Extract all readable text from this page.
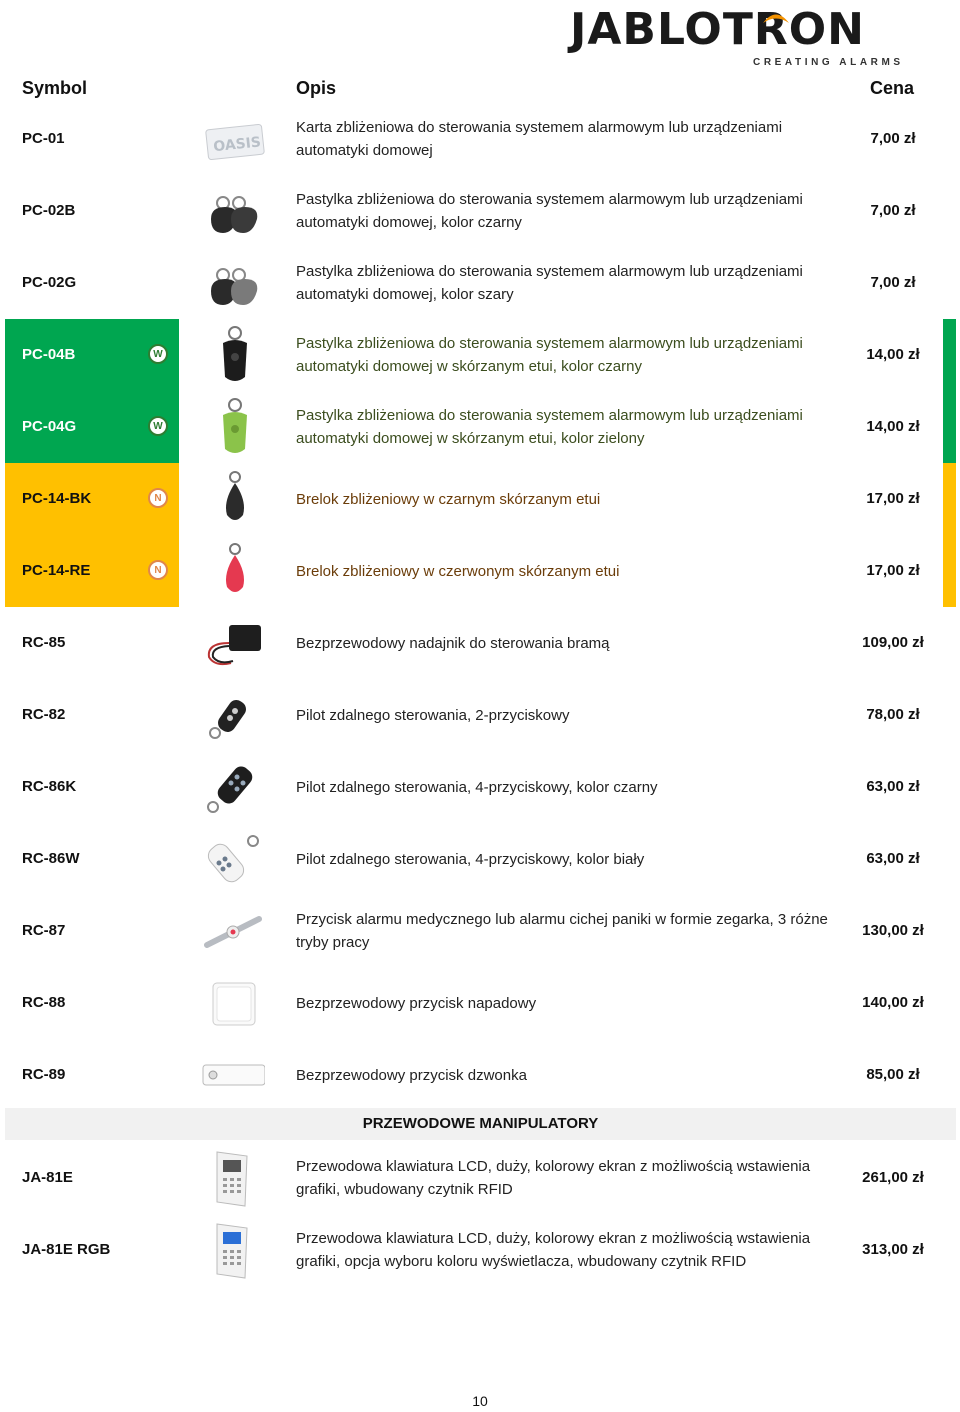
JABLOTRON
CREATING ALARMS
Symbol	Opis	Cena
PC-01	OASIS
Karta zbliżeniowa do sterowania systemem alarmowym lub urządzeniami automatyki domowej
7,00 zł
PC-02B
Pastylka zbliżeniowa do sterowania systemem alarmowym lub urządzeniami automatyki domowej, kolor czarny
7,00 zł
PC-02G
Pastylka zbliżeniowa do sterowania systemem alarmowym lub urządzeniami automatyki domowej, kolor szary
7,00 zł
PC-04B	W
Pastylka zbliżeniowa do sterowania systemem alarmowym lub urządzeniami automatyki domowej w skórzanym etui, kolor czarny
14,00 zł
PC-04G	W
Pastylka zbliżeniowa do sterowania systemem alarmowym lub urządzeniami automatyki domowej w skórzanym etui, kolor zielony
14,00 zł
PC-14-BK	N	Brelok zbliżeniowy w czarnym skórzanym etui	17,00 zł
PC-14-RE	N	Brelok zbliżeniowy w czerwonym skórzanym etui	17,00 zł
RC-85	Bezprzewodowy nadajnik do sterowania bramą	109,00 zł
RC-82	Pilot zdalnego sterowania, 2-przyciskowy	78,00 zł
RC-86K	Pilot zdalnego sterowania, 4-przyciskowy, kolor czarny	63,00 zł
RC-86W	Pilot zdalnego sterowania, 4-przyciskowy, kolor biały	63,00 zł
RC-87
Przycisk alarmu medycznego lub alarmu cichej paniki w formie zegarka, 3 różne tryby pracy
130,00 zł
RC-88	Bezprzewodowy przycisk napadowy	140,00 zł
RC-89	Bezprzewodowy przycisk dzwonka	85,00 zł
PRZEWODOWE MANIPULATORY
JA-81E
Przewodowa klawiatura LCD, duży, kolorowy ekran z możliwością wstawienia grafiki, wbudowany czytnik RFID
261,00 zł
JA-81E RGB
Przewodowa klawiatura LCD, duży, kolorowy ekran z możliwością wstawienia grafiki, opcja wyboru koloru wyświetlacza, wbudowany czytnik RFID
313,00 zł
10
